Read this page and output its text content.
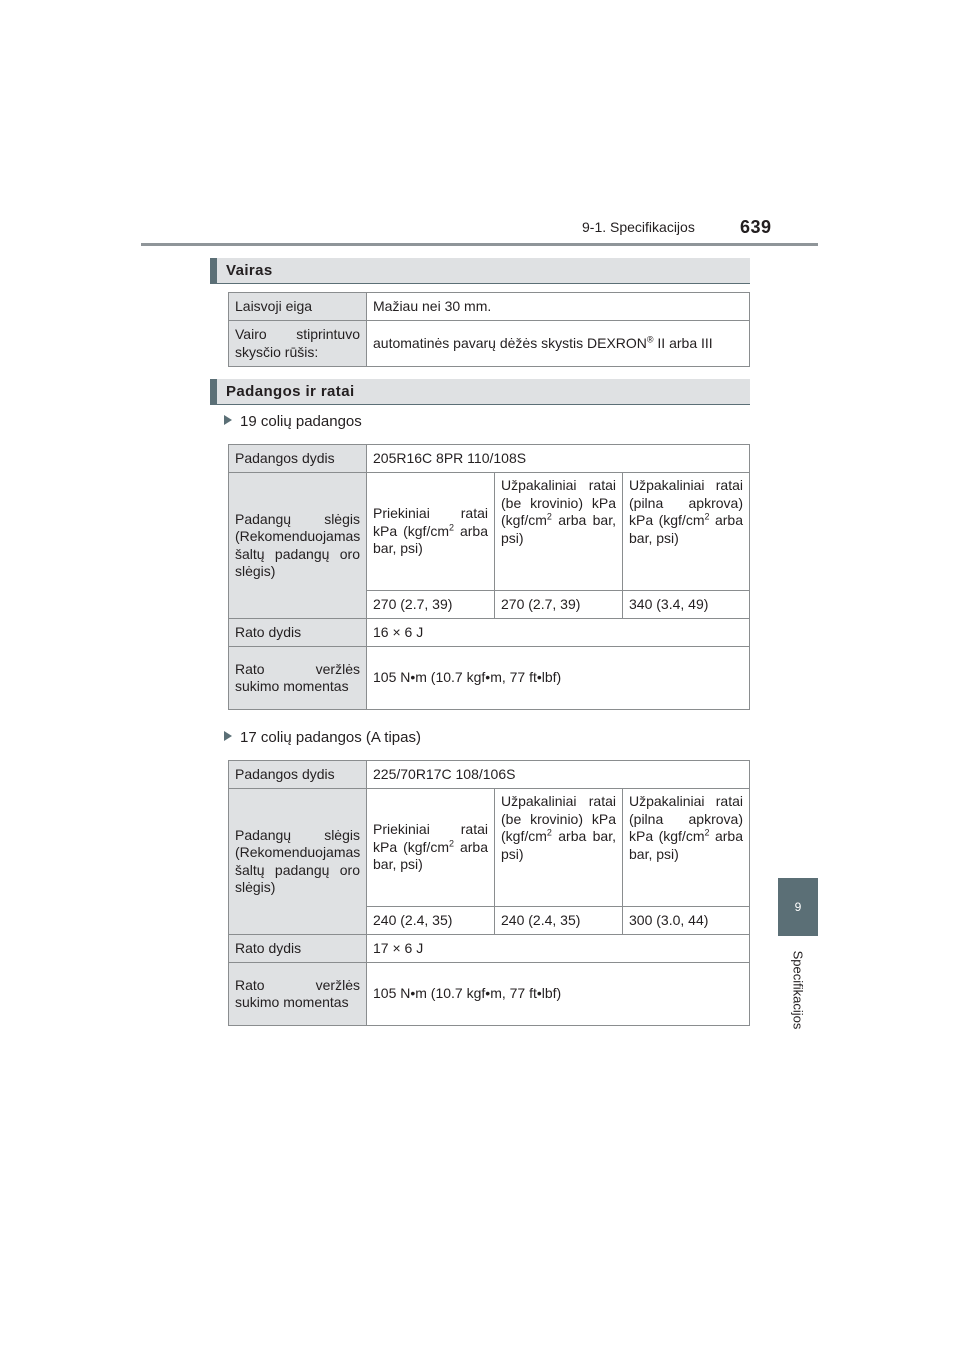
9-1. Specifikacijos	639
9
Specifikacijos
Vairas
Laisvoji eiga	Mažiau nei 30 mm.
Vairo stiprintuvo skysčio rūšis:	automatinės pavarų dėžės skystis DEXRON® II arba III
Padangos ir ratai
19 colių padangos
Padangos dydis	205R16C 8PR 110/108S		
Padangų slėgis (Rekomenduojamas šaltų padangų oro slėgis)	Priekiniai ratai kPa ($kgf/cm^2$ arba bar, psi)	Užpakaliniai ratai (be krovinio) kPa ($kgf/cm^2$ arba bar, psi)	Užpakaliniai ratai (pilna apkrova) kPa ($kgf/cm^2$ arba bar, psi)
	270 (2.7, 39)	270 (2.7, 39)	340 (3.4, 49)
Rato dydis	16 × 6 J		
Rato veržlės sukimo momentas	105 N•m (10.7 kgf•m, 77 ft•lbf)		
17 colių padangos (A tipas)
Padangos dydis	225/70R17C 108/106S		
Padangų slėgis (Rekomenduojamas šaltų padangų oro slėgis)	Priekiniai ratai kPa ($kgf/cm^2$ arba bar, psi)	Užpakaliniai ratai (be krovinio) kPa ($kgf/cm^2$ arba bar, psi)	Užpakaliniai ratai (pilna apkrova) kPa ($kgf/cm^2$ arba bar, psi)
	240 (2.4, 35)	240 (2.4, 35)	300 (3.0, 44)
Rato dydis	17 × 6 J		
Rato veržlės sukimo momentas	105 N•m (10.7 kgf•m, 77 ft•lbf)		
